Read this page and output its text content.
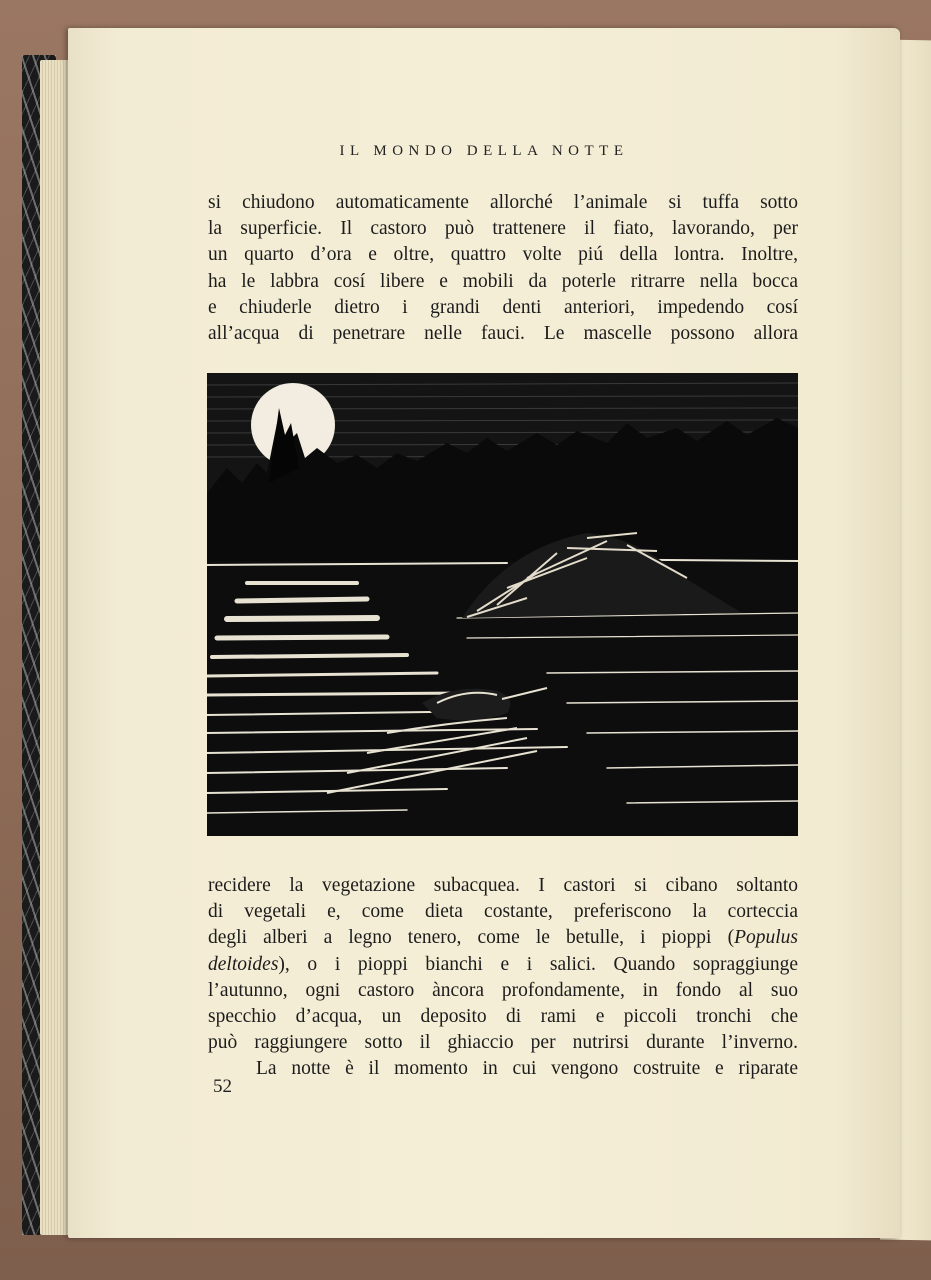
IL MONDO DELLA NOTTE

si chiudono automaticamente allorché l’animale si tuffa sotto
la superficie. Il castoro può trattenere il fiato, lavorando, per
un quarto d’ora e oltre, quattro volte piú della lontra. Inoltre,
ha le labbra cosí libere e mobili da poterle ritrarre nella bocca
e chiuderle dietro i grandi denti anteriori, impedendo cosí
all’acqua di penetrare nelle fauci. Le mascelle possono allora

recidere la vegetazione subacquea. I castori si cibano soltanto
di vegetali e, come dieta costante, preferiscono la corteccia
degli alberi a legno tenero, come le betulle, i pioppi (Populus
deltoides), o i pioppi bianchi e i salici. Quando sopraggiunge
l’autunno, ogni castoro àncora profondamente, in fondo al suo
specchio d’acqua, un deposito di rami e piccoli tronchi che
può raggiungere sotto il ghiaccio per nutrirsi durante l’inverno.
La notte è il momento in cui vengono costruite e riparate

52
